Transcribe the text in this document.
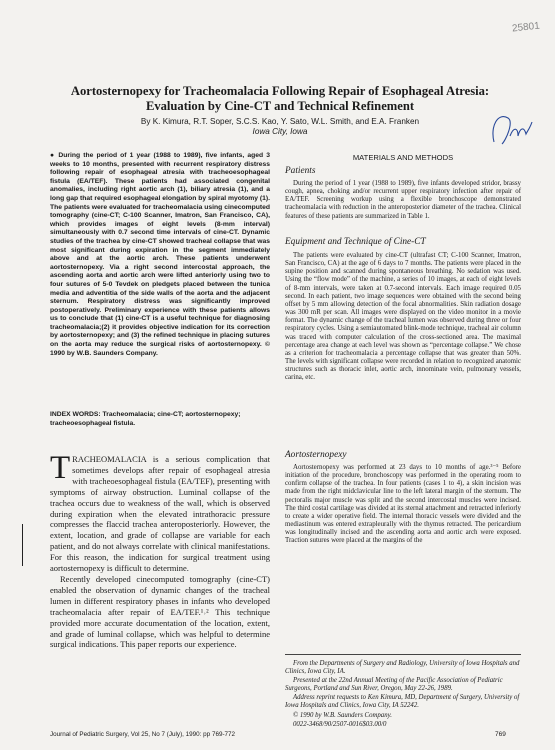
25801
Aortosternopexy for Tracheomalacia Following Repair of Esophageal Atresia: Evaluation by Cine-CT and Technical Refinement
By K. Kimura, R.T. Soper, S.C.S. Kao, Y. Sato, W.L. Smith, and E.A. Franken
Iowa City, Iowa
● During the period of 1 year (1988 to 1989), five infants, aged 3 weeks to 10 months, presented with recurrent respiratory distress following repair of esophageal atresia with tracheoesophageal fistula (EA/TEF). These patients had associated congenital anomalies, including right aortic arch (1), biliary atresia (1), and a long gap that required esophageal elongation by spiral myotomy (1). The patients were evaluated for tracheomalacia using cinecomputed tomography (cine-CT; C-100 Scanner, Imatron, San Francisco, CA), which provides images of eight levels (8-mm interval) simultaneously with 0.7 second time intervals of cine-CT. Dynamic studies of the trachea by cine-CT showed tracheal collapse that was most significant during expiration in the segment immediately above and at the aortic arch. These patients underwent aortosternopexy. Via a right second intercostal approach, the ascending aorta and aortic arch were lifted anteriorly using two to four sutures of 5-0 Tevdek on pledgets placed between the tunica media and adventitia of the side walls of the aorta and the adjacent sternum. Respiratory distress was significantly improved postoperatively. Preliminary experience with these patients allows us to conclude that (1) cine-CT is a useful technique for diagnosing tracheomalacia;(2) it provides objective indication for its correction by aortosternopexy; and (3) the refined technique in placing sutures on the aorta may reduce the surgical risks of aortosternopexy. © 1990 by W.B. Saunders Company.
INDEX WORDS: Tracheomalacia; cine-CT; aortosternopexy; tracheoesophageal fistula.

TRACHEOMALACIA is a serious complication that sometimes develops after repair of esophageal atresia with tracheoesophageal fistula (EA/TEF), presenting with symptoms of airway obstruction. Luminal collapse of the trachea occurs due to weakness of the wall, which is observed during expiration when the elevated intrathoracic pressure compresses the flaccid trachea anteroposteriorly. However, the extent, location, and grade of collapse are variable for each patient, and do not always correlate with clinical manifestations. For this reason, the indication for surgical treatment using aortosternopexy is difficult to determine.

Recently developed cinecomputed tomography (cine-CT) enabled the observation of dynamic changes of the tracheal lumen in different respiratory phases in infants who developed tracheomalacia after repair of EA/TEF.¹˒² This technique provided more accurate documentation of the location, extent, and grade of luminal collapse, which was helpful to determine surgical indications. This paper reports our experience.

MATERIALS AND METHODS
Patients
During the period of 1 year (1988 to 1989), five infants developed stridor, brassy cough, apnea, choking and/or recurrent upper respiratory infection after repair of EA/TEF. Screening workup using a flexible bronchoscope demonstrated tracheomalacia with reduction in the anteroposterior diameter of the trachea. Clinical features of these patients are summarized in Table 1.
Equipment and Technique of Cine-CT
The patients were evaluated by cine-CT (ultrafast CT; C-100 Scanner, Imatron, San Francisco, CA) at the age of 6 days to 7 months. The patients were placed in the supine position and scanned during spontaneous breathing. No sedation was used. Using the “flow mode” of the machine, a series of 10 images, at each of eight levels of 8-mm intervals, were taken at 0.7-second intervals. Each image required 0.05 second. In each patient, two image sequences were obtained with the second being offset by 5 mm allowing detection of the focal abnormalities. Skin radiation dosage was 300 mR per scan. All images were displayed on the video monitor in a movie format. The dynamic change of the tracheal lumen was observed during three or four respiratory cycles. Using a semiautomated blink-mode technique, tracheal air column was traced with computer calculation of the cross-sectioned area. The maximal percentage area change at each level was shown as “percentage collapse.” We chose as a criterion for tracheomalacia a percentage collapse that was greater than 50%. The levels with significant collapse were recorded in relation to recognized anatomic structures such as thoracic inlet, aortic arch, innominate vein, pulmonary vessels, carina, etc.
Aortosternopexy
Aortosternopexy was performed at 23 days to 10 months of age.³⁻⁵ Before initiation of the procedure, bronchoscopy was performed in the operating room to confirm collapse of the trachea. In four patients (cases 1 to 4), a skin incision was made from the right midclavicular line to the left lateral margin of the sternum. The pectoralis major muscle was split and the second intercostal muscles were incised. The third costal cartilage was divided at its sternal attachment and retracted inferiorly to create a wider operative field. The internal thoracic vessels were divided and the mediastinum was entered extrapleurally with the thymus retracted. The pericardium was longitudinally incised and the ascending aorta and aortic arch were exposed. Traction sutures were placed at the margins of the

From the Departments of Surgery and Radiology, University of Iowa Hospitals and Clinics, Iowa City, IA.

Presented at the 22nd Annual Meeting of the Pacific Association of Pediatric Surgeons, Portland and Sun River, Oregon, May 22-26, 1989.

Address reprint requests to Ken Kimura, MD, Department of Surgery, University of Iowa Hospitals and Clinics, Iowa City, IA 52242.

© 1990 by W.B. Saunders Company.

0022-3468/90/2507-0016$03.00/0

Journal of Pediatric Surgery, Vol 25, No 7 (July), 1990: pp 769-772	769
